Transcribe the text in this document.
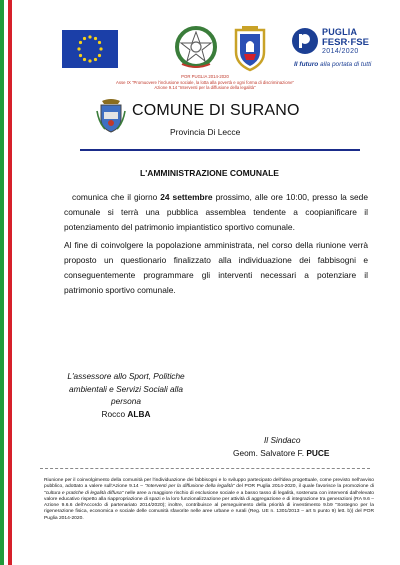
PUGLIA
FESR·FSE
2014/2020
Il futuro alla portata di tutti
POR PUGLIA 2014-2020
Asse IX "Promuovere l'inclusione sociale, la lotta alla povertà e ogni forma di discriminazione"
Azione 9.14 "Interventi per la diffusione della legalità"
COMUNE DI SURANO
Provincia Di Lecce
L'AMMINISTRAZIONE COMUNALE

comunica che il giorno 24 settembre prossimo, alle ore 10:00, presso la sede comunale si terrà una pubblica assemblea tendente a coopianificare il potenziamento del patrimonio impiantistico sportivo comunale.

Al fine di coinvolgere la popolazione amministrata, nel corso della riunione verrà proposto un questionario finalizzato alla individuazione dei fabbisogni e conseguentemente programmare gli interventi necessari a potenziare il patrimonio sportivo comunale.

L'assessore allo Sport, Politiche ambientali e Servizi Sociali alla persona
Rocco ALBA
Il Sindaco
Geom. Salvatore F. PUCE
Riunione per il coinvolgimento della comunità per l'individuazione dei fabbisogni e lo sviluppo partecipato dell'idea progettuale, come previsto nell'avviso pubblico, adottato a valere sull'Azione 9.14 – "Interventi per la diffusione della legalità" del POR Puglia 2014-2020, il quale favorisce la promozione di "cultura e pratiche di legalità diffusa" nelle aree a maggiore rischio di esclusione sociale e a basso tasso di legalità, sostenuta con interventi dall'elevato valore educativo rispetto alla riappropriazione di spazi e la loro funzionalizzazione per attività di aggregazione e di integrazione tra generazioni (RA 9.6 – Azione 9.6.6 dell'Accordo di partenariato 2014/2020); inoltre, contribuisce al perseguimento della priorità di investimento 9.b9 "Sostegno per la rigenerazione fisica, economica e sociale delle comunità sfavorite nelle aree urbane e rurali (Reg. UE n. 1301/2013 – art 5 punto 9) lett. b)) del POR Puglia 2014-2020.
